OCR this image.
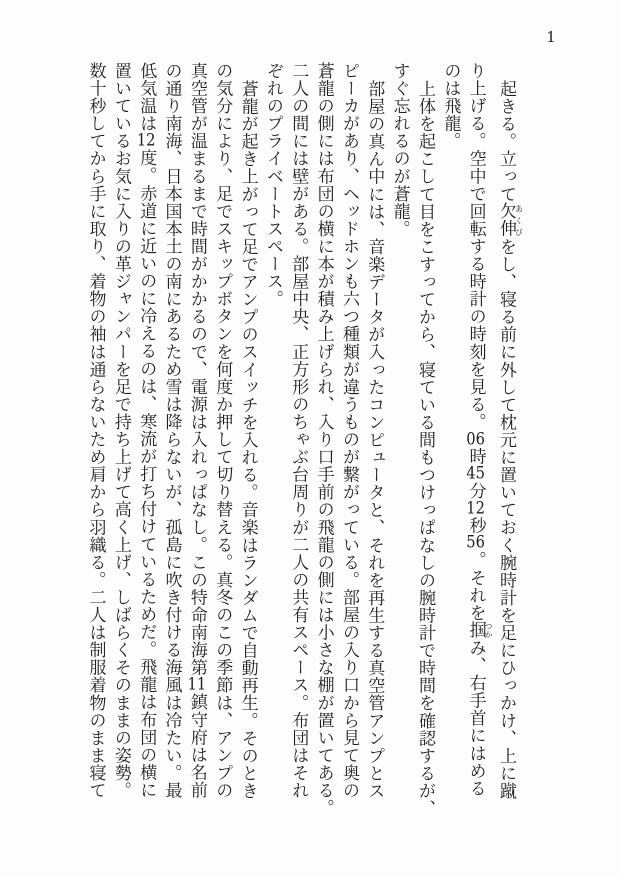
1
起きる。立って欠伸あくびをし、寝る前に外して枕元に置いておく腕時計を足にひっかけ、上に蹴
り上げる。空中で回転する時計の時刻を見る。06時45分12秒56。それを掴つかみ、右手首にはめる
のは飛龍。
上体を起こして目をこすってから、寝ている間もつけっぱなしの腕時計で時間を確認するが、
すぐ忘れるのが蒼龍。
部屋の真ん中には、音楽データが入ったコンピュータと、それを再生する真空管アンプとス
ピーカがあり、ヘッドホンも六つ種類が違うものが繋がっている。部屋の入り口から見て奥の
蒼龍の側には布団の横に本が積み上げられ、入り口手前の飛龍の側には小さな棚が置いてある。
二人の間には壁がある。部屋中央、正方形のちゃぶ台周りが二人の共有スペース。布団はそれ
ぞれのプライベートスペース。
蒼龍が起き上がって足でアンプのスイッチを入れる。音楽はランダムで自動再生。そのとき
の気分により、足でスキップボタンを何度か押して切り替える。真冬のこの季節は、アンプの
真空管が温まるまで時間がかかるので、電源は入れっぱなし。この特命南海第11鎮守府は名前
の通り南海、日本国本土の南にあるため雪は降らないが、孤島に吹き付ける海風は冷たい。最
低気温は12度。赤道に近いのに冷えるのは、寒流が打ち付けているためだ。飛龍は布団の横に
置いているお気に入りの革ジャンパーを足で持ち上げて高く上げ、しばらくそのままの姿勢。
数十秒してから手に取り、着物の袖は通らないため肩から羽織る。二人は制服着物のまま寝て
